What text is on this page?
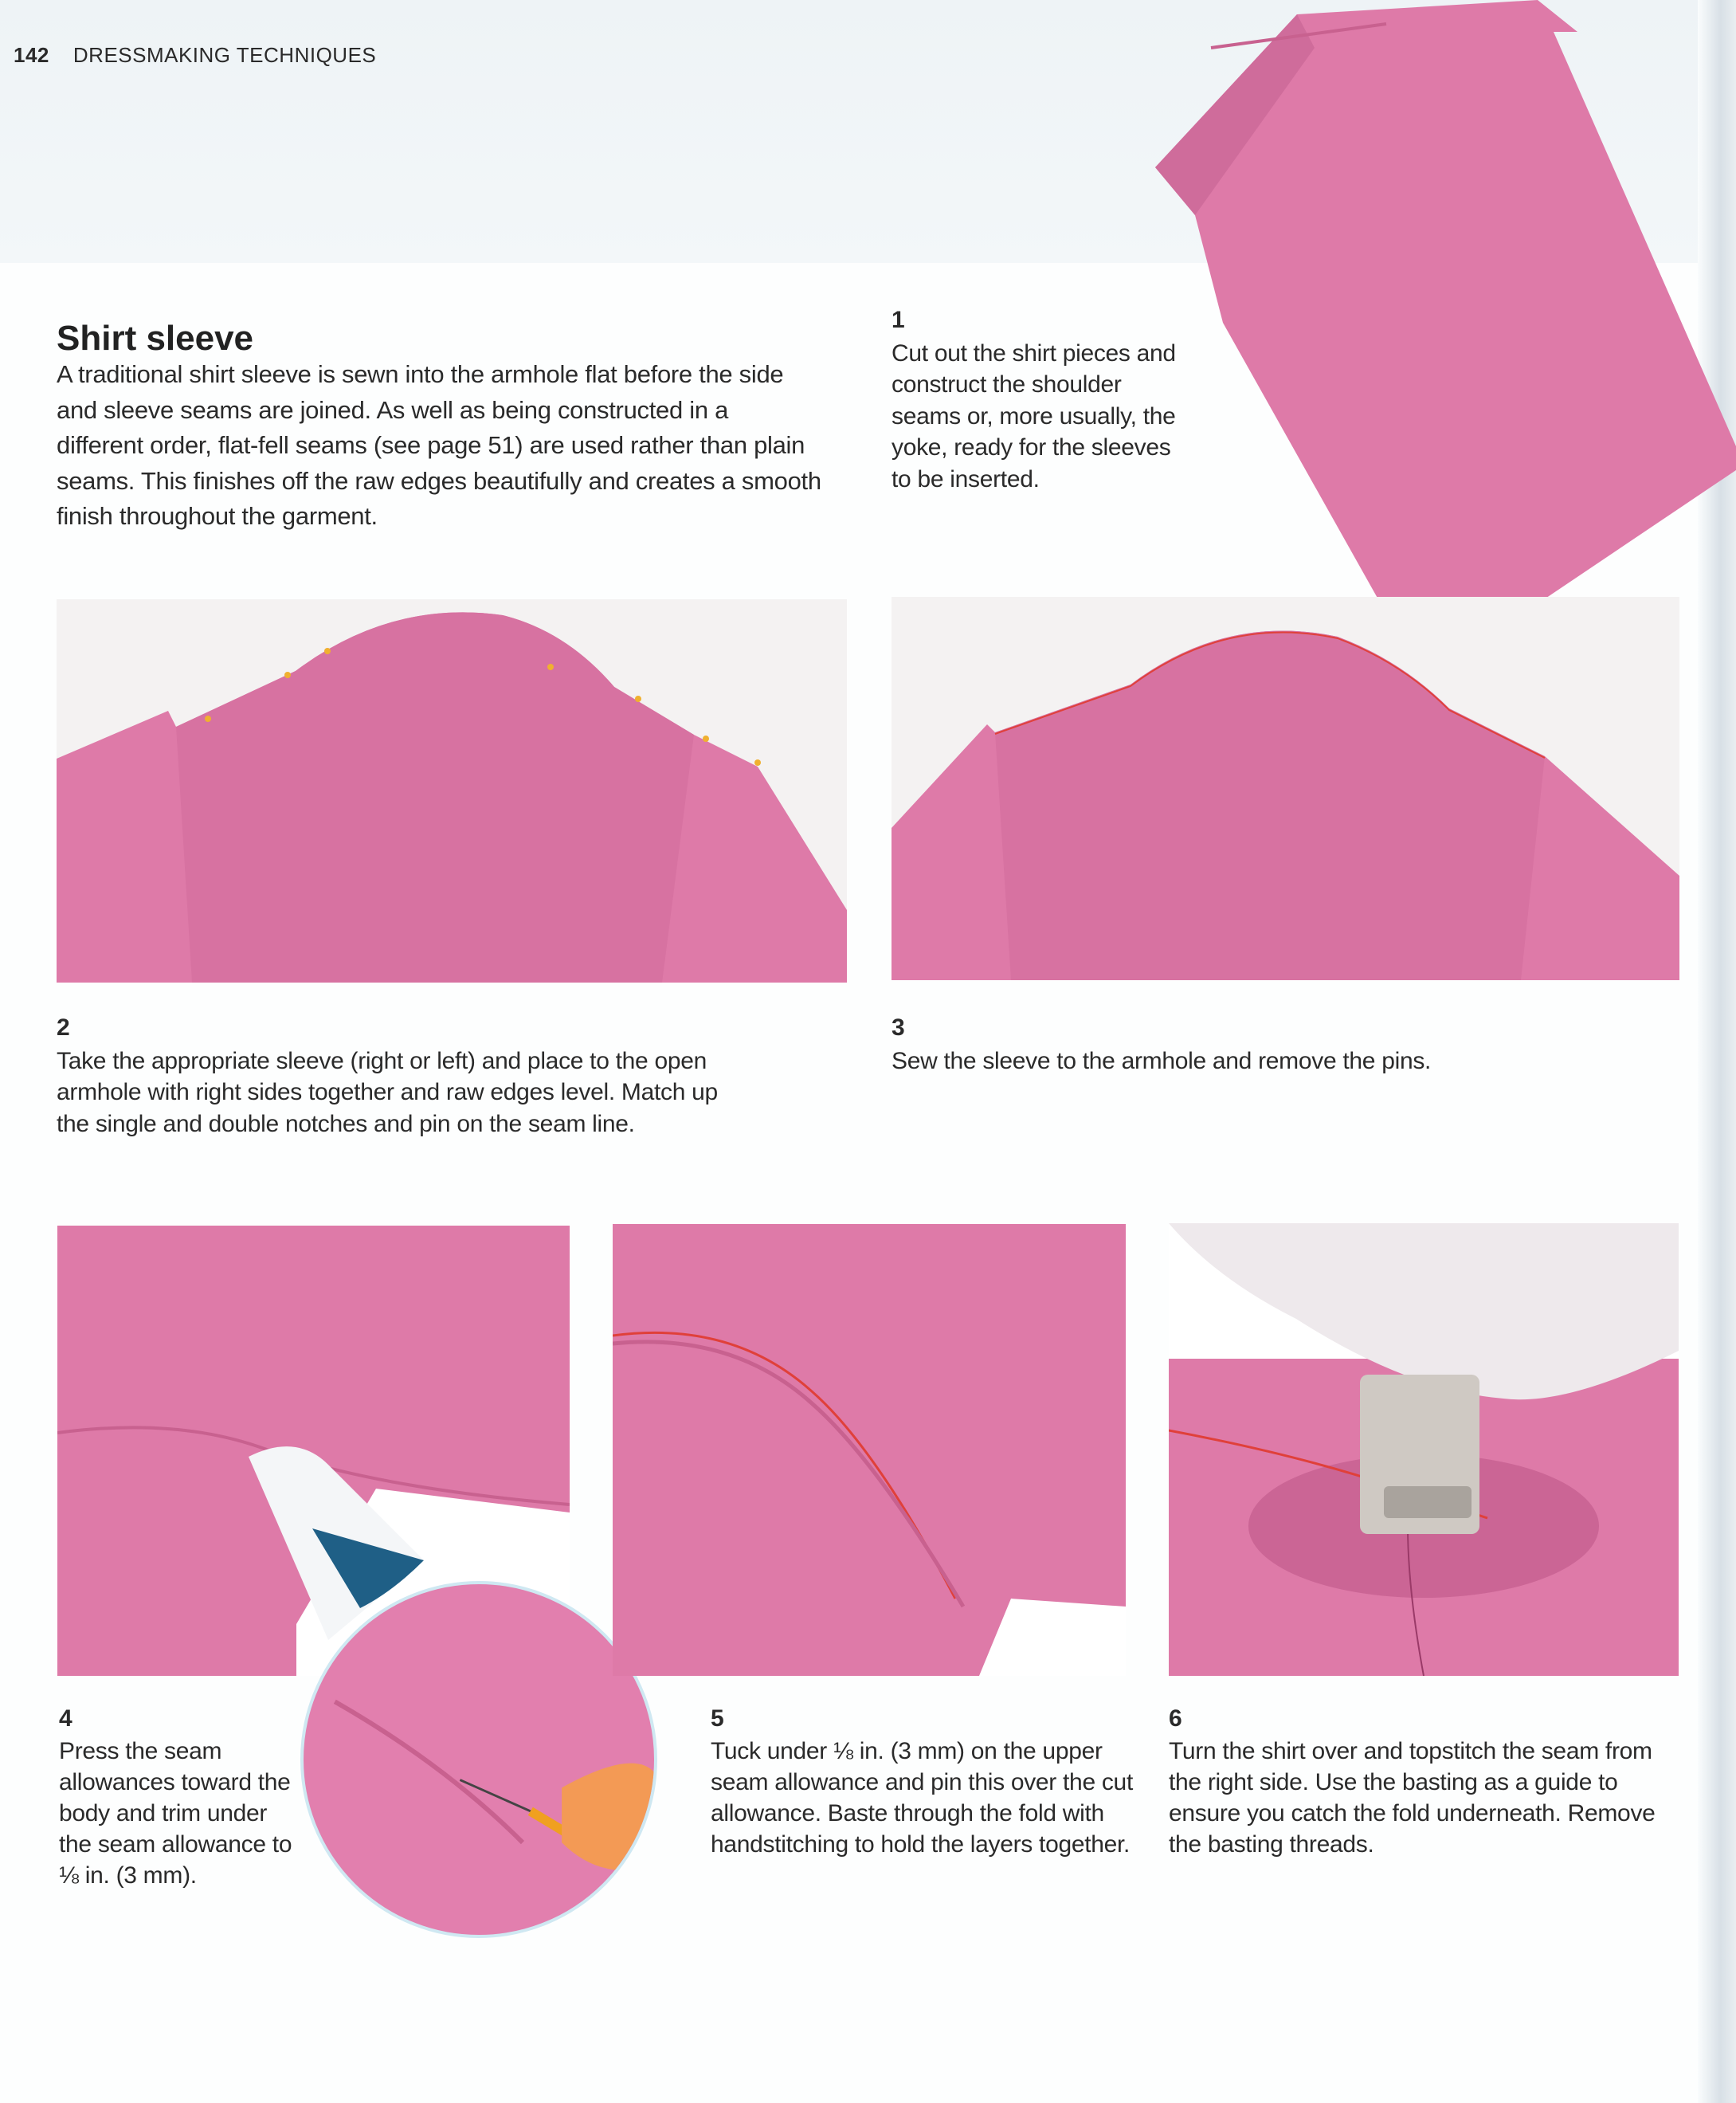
142 DRESSMAKING TECHNIQUES
Shirt sleeve

A traditional shirt sleeve is sewn into the armhole flat before the side and sleeve seams are joined. As well as being constructed in a different order, flat-fell seams (see page 51) are used rather than plain seams. This finishes off the raw edges beautifully and creates a smooth finish throughout the garment.

1
Cut out the shirt pieces and construct the shoulder seams or, more usually, the yoke, ready for the sleeves to be inserted.
2
Take the appropriate sleeve (right or left) and place to the open armhole with right sides together and raw edges level. Match up the single and double notches and pin on the seam line.
3
Sew the sleeve to the armhole and remove the pins.
4
Press the seam allowances toward the body and trim under the seam allowance to ⅛ in. (3 mm).
5
Tuck under ⅛ in. (3 mm) on the upper seam allowance and pin this over the cut allowance. Baste through the fold with handstitching to hold the layers together.
6
Turn the shirt over and topstitch the seam from the right side. Use the basting as a guide to ensure you catch the fold underneath. Remove the basting threads.
